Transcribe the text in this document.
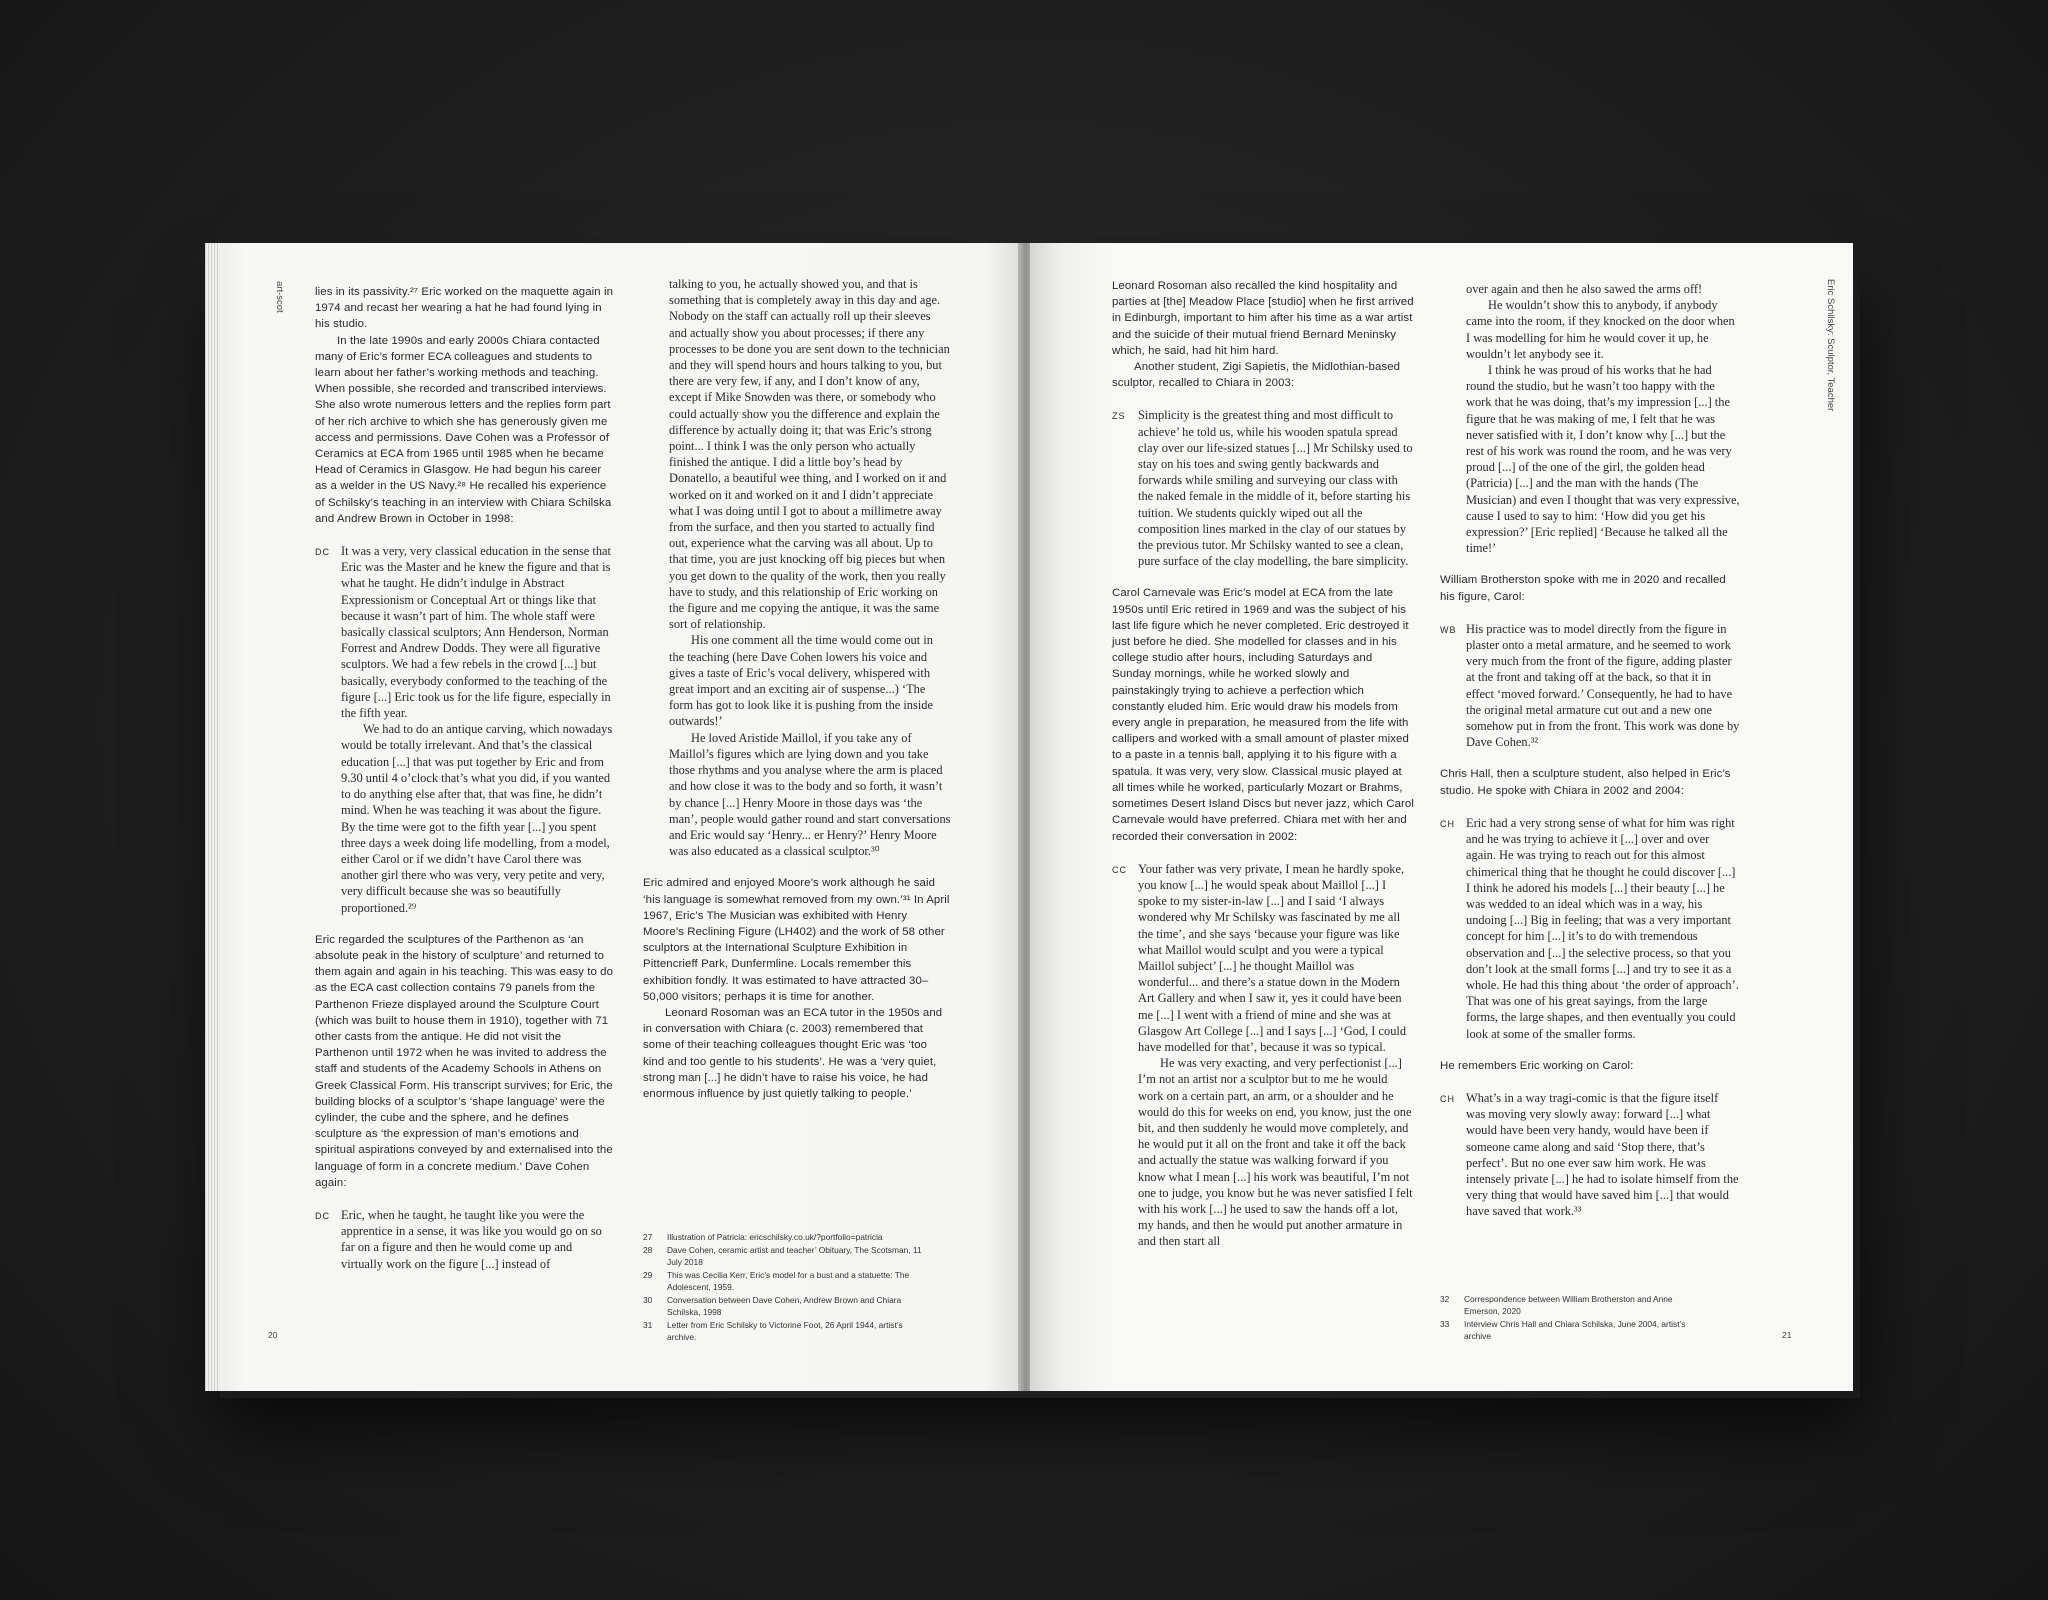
art-scot	lies in its passivity.²⁷ Eric worked on the maquette again in 1974 and recast her wearing a hat he had found lying in his studio.

In the late 1990s and early 2000s Chiara contacted many of Eric’s former ECA colleagues and students to learn about her father’s working methods and teaching. When possible, she recorded and transcribed interviews. She also wrote numerous letters and the replies form part of her rich archive to which she has generously given me access and permissions. Dave Cohen was a Professor of Ceramics at ECA from 1965 until 1985 when he became Head of Ceramics in Glasgow. He had begun his career as a welder in the US Navy.²⁸ He recalled his experience of Schilsky’s teaching in an interview with Chiara Schilska and Andrew Brown in October in 1998:

DC It was a very, very classical education in the sense that Eric was the Master and he knew the figure and that is what he taught. He didn’t indulge in Abstract Expressionism or Conceptual Art or things like that because it wasn’t part of him. The whole staff were basically classical sculptors; Ann Henderson, Norman Forrest and Andrew Dodds. They were all figurative sculptors. We had a few rebels in the crowd [...] but basically, everybody conformed to the teaching of the figure [...] Eric took us for the life figure, especially in the fifth year.

We had to do an antique carving, which nowadays would be totally irrelevant. And that’s the classical education [...] that was put together by Eric and from 9.30 until 4 o’clock that’s what you did, if you wanted to do anything else after that, that was fine, he didn’t mind. When he was teaching it was about the figure. By the time were got to the fifth year [...] you spent three days a week doing life modelling, from a model, either Carol or if we didn’t have Carol there was another girl there who was very, very petite and very, very difficult because she was so beautifully proportioned.²⁹

Eric regarded the sculptures of the Parthenon as ‘an absolute peak in the history of sculpture’ and returned to them again and again in his teaching. This was easy to do as the ECA cast collection contains 79 panels from the Parthenon Frieze displayed around the Sculpture Court (which was built to house them in 1910), together with 71 other casts from the antique. He did not visit the Parthenon until 1972 when he was invited to address the staff and students of the Academy Schools in Athens on Greek Classical Form. His transcript survives; for Eric, the building blocks of a sculptor’s ‘shape language’ were the cylinder, the cube and the sphere, and he defines sculpture as ‘the expression of man’s emotions and spiritual aspirations conveyed by and externalised into the language of form in a concrete medium.’ Dave Cohen again:

DC Eric, when he taught, he taught like you were the apprentice in a sense, it was like you would go on so far on a figure and then he would come up and virtually work on the figure [...] instead of

talking to you, he actually showed you, and that is something that is completely away in this day and age. Nobody on the staff can actually roll up their sleeves and actually show you about processes; if there any processes to be done you are sent down to the technician and they will spend hours and hours talking to you, but there are very few, if any, and I don’t know of any, except if Mike Snowden was there, or somebody who could actually show you the difference and explain the difference by actually doing it; that was Eric’s strong point... I think I was the only person who actually finished the antique. I did a little boy’s head by Donatello, a beautiful wee thing, and I worked on it and worked on it and worked on it and I didn’t appreciate what I was doing until I got to about a millimetre away from the surface, and then you started to actually find out, experience what the carving was all about. Up to that time, you are just knocking off big pieces but when you get down to the quality of the work, then you really have to study, and this relationship of Eric working on the figure and me copying the antique, it was the same sort of relationship.

His one comment all the time would come out in the teaching (here Dave Cohen lowers his voice and gives a taste of Eric’s vocal delivery, whispered with great import and an exciting air of suspense...) ‘The form has got to look like it is pushing from the inside outwards!’

He loved Aristide Maillol, if you take any of Maillol’s figures which are lying down and you take those rhythms and you analyse where the arm is placed and how close it was to the body and so forth, it wasn’t by chance [...] Henry Moore in those days was ‘the man’, people would gather round and start conversations and Eric would say ‘Henry... er Henry?’ Henry Moore was also educated as a classical sculptor.³⁰

Eric admired and enjoyed Moore’s work although he said ‘his language is somewhat removed from my own.’³¹ In April 1967, Eric’s The Musician was exhibited with Henry Moore’s Reclining Figure (LH402) and the work of 58 other sculptors at the International Sculpture Exhibition in Pittencrieff Park, Dunfermline. Locals remember this exhibition fondly. It was estimated to have attracted 30–50,000 visitors; perhaps it is time for another.

Leonard Rosoman was an ECA tutor in the 1950s and in conversation with Chiara (c. 2003) remembered that some of their teaching colleagues thought Eric was ‘too kind and too gentle to his students’. He was a ‘very quiet, strong man [...] he didn’t have to raise his voice, he had enormous influence by just quietly talking to people.’

27 Illustration of Patricia: ericschilsky.co.uk/?portfolio=patricia
28 Dave Cohen, ceramic artist and teacher’ Obituary, The Scotsman, 11 July 2018
29 This was Cecilia Kerr, Eric’s model for a bust and a statuette: The Adolescent, 1959.
30 Conversation between Dave Cohen, Andrew Brown and Chiara Schilska, 1998
31 Letter from Eric Schilsky to Victorine Foot, 26 April 1944, artist’s archive.
20
Eric Schilsky: Sculptor, Teacher

Leonard Rosoman also recalled the kind hospitality and parties at [the] Meadow Place [studio] when he first arrived in Edinburgh, important to him after his time as a war artist and the suicide of their mutual friend Bernard Meninsky which, he said, had hit him hard.

Another student, Zigi Sapietis, the Midlothian-based sculptor, recalled to Chiara in 2003:

ZS Simplicity is the greatest thing and most difficult to achieve’ he told us, while his wooden spatula spread clay over our life-sized statues [...] Mr Schilsky used to stay on his toes and swing gently backwards and forwards while smiling and surveying our class with the naked female in the middle of it, before starting his tuition. We students quickly wiped out all the composition lines marked in the clay of our statues by the previous tutor. Mr Schilsky wanted to see a clean, pure surface of the clay modelling, the bare simplicity.

Carol Carnevale was Eric’s model at ECA from the late 1950s until Eric retired in 1969 and was the subject of his last life figure which he never completed. Eric destroyed it just before he died. She modelled for classes and in his college studio after hours, including Saturdays and Sunday mornings, while he worked slowly and painstakingly trying to achieve a perfection which constantly eluded him. Eric would draw his models from every angle in preparation, he measured from the life with callipers and worked with a small amount of plaster mixed to a paste in a tennis ball, applying it to his figure with a spatula. It was very, very slow. Classical music played at all times while he worked, particularly Mozart or Brahms, sometimes Desert Island Discs but never jazz, which Carol Carnevale would have preferred. Chiara met with her and recorded their conversation in 2002:

CC Your father was very private, I mean he hardly spoke, you know [...] he would speak about Maillol [...] I spoke to my sister-in-law [...] and I said ‘I always wondered why Mr Schilsky was fascinated by me all the time’, and she says ‘because your figure was like what Maillol would sculpt and you were a typical Maillol subject’ [...] he thought Maillol was wonderful... and there’s a statue down in the Modern Art Gallery and when I saw it, yes it could have been me [...] I went with a friend of mine and she was at Glasgow Art College [...] and I says [...] ‘God, I could have modelled for that’, because it was so typical.

He was very exacting, and very perfectionist [...] I’m not an artist nor a sculptor but to me he would work on a certain part, an arm, or a shoulder and he would do this for weeks on end, you know, just the one bit, and then suddenly he would move completely, and he would put it all on the front and take it off the back and actually the statue was walking forward if you know what I mean [...] his work was beautiful, I’m not one to judge, you know but he was never satisfied I felt with his work [...] he used to saw the hands off a lot, my hands, and then he would put another armature in and then start all

over again and then he also sawed the arms off!

He wouldn’t show this to anybody, if anybody came into the room, if they knocked on the door when I was modelling for him he would cover it up, he wouldn’t let anybody see it.

I think he was proud of his works that he had round the studio, but he wasn’t too happy with the work that he was doing, that’s my impression [...] the figure that he was making of me, I felt that he was never satisfied with it, I don’t know why [...] but the rest of his work was round the room, and he was very proud [...] of the one of the girl, the golden head (Patricia) [...] and the man with the hands (The Musician) and even I thought that was very expressive, cause I used to say to him: ‘How did you get his expression?’ [Eric replied] ‘Because he talked all the time!’

William Brotherston spoke with me in 2020 and recalled his figure, Carol:

WB His practice was to model directly from the figure in plaster onto a metal armature, and he seemed to work very much from the front of the figure, adding plaster at the front and taking off at the back, so that it in effect ‘moved forward.’ Consequently, he had to have the original metal armature cut out and a new one somehow put in from the front. This work was done by Dave Cohen.³²

Chris Hall, then a sculpture student, also helped in Eric’s studio. He spoke with Chiara in 2002 and 2004:

CH Eric had a very strong sense of what for him was right and he was trying to achieve it [...] over and over again. He was trying to reach out for this almost chimerical thing that he thought he could discover [...] I think he adored his models [...] their beauty [...] he was wedded to an ideal which was in a way, his undoing [...] Big in feeling; that was a very important concept for him [...] it’s to do with tremendous observation and [...] the selective process, so that you don’t look at the small forms [...] and try to see it as a whole. He had this thing about ‘the order of approach’. That was one of his great sayings, from the large forms, the large shapes, and then eventually you could look at some of the smaller forms.

He remembers Eric working on Carol:

CH What’s in a way tragi-comic is that the figure itself was moving very slowly away: forward [...] what would have been very handy, would have been if someone came along and said ‘Stop there, that’s perfect’. But no one ever saw him work. He was intensely private [...] he had to isolate himself from the very thing that would have saved him [...] that would have saved that work.³³

32 Correspondence between William Brotherston and Anne Emerson, 2020
33 Interview Chris Hall and Chiara Schilska, June 2004, artist’s archive	21
